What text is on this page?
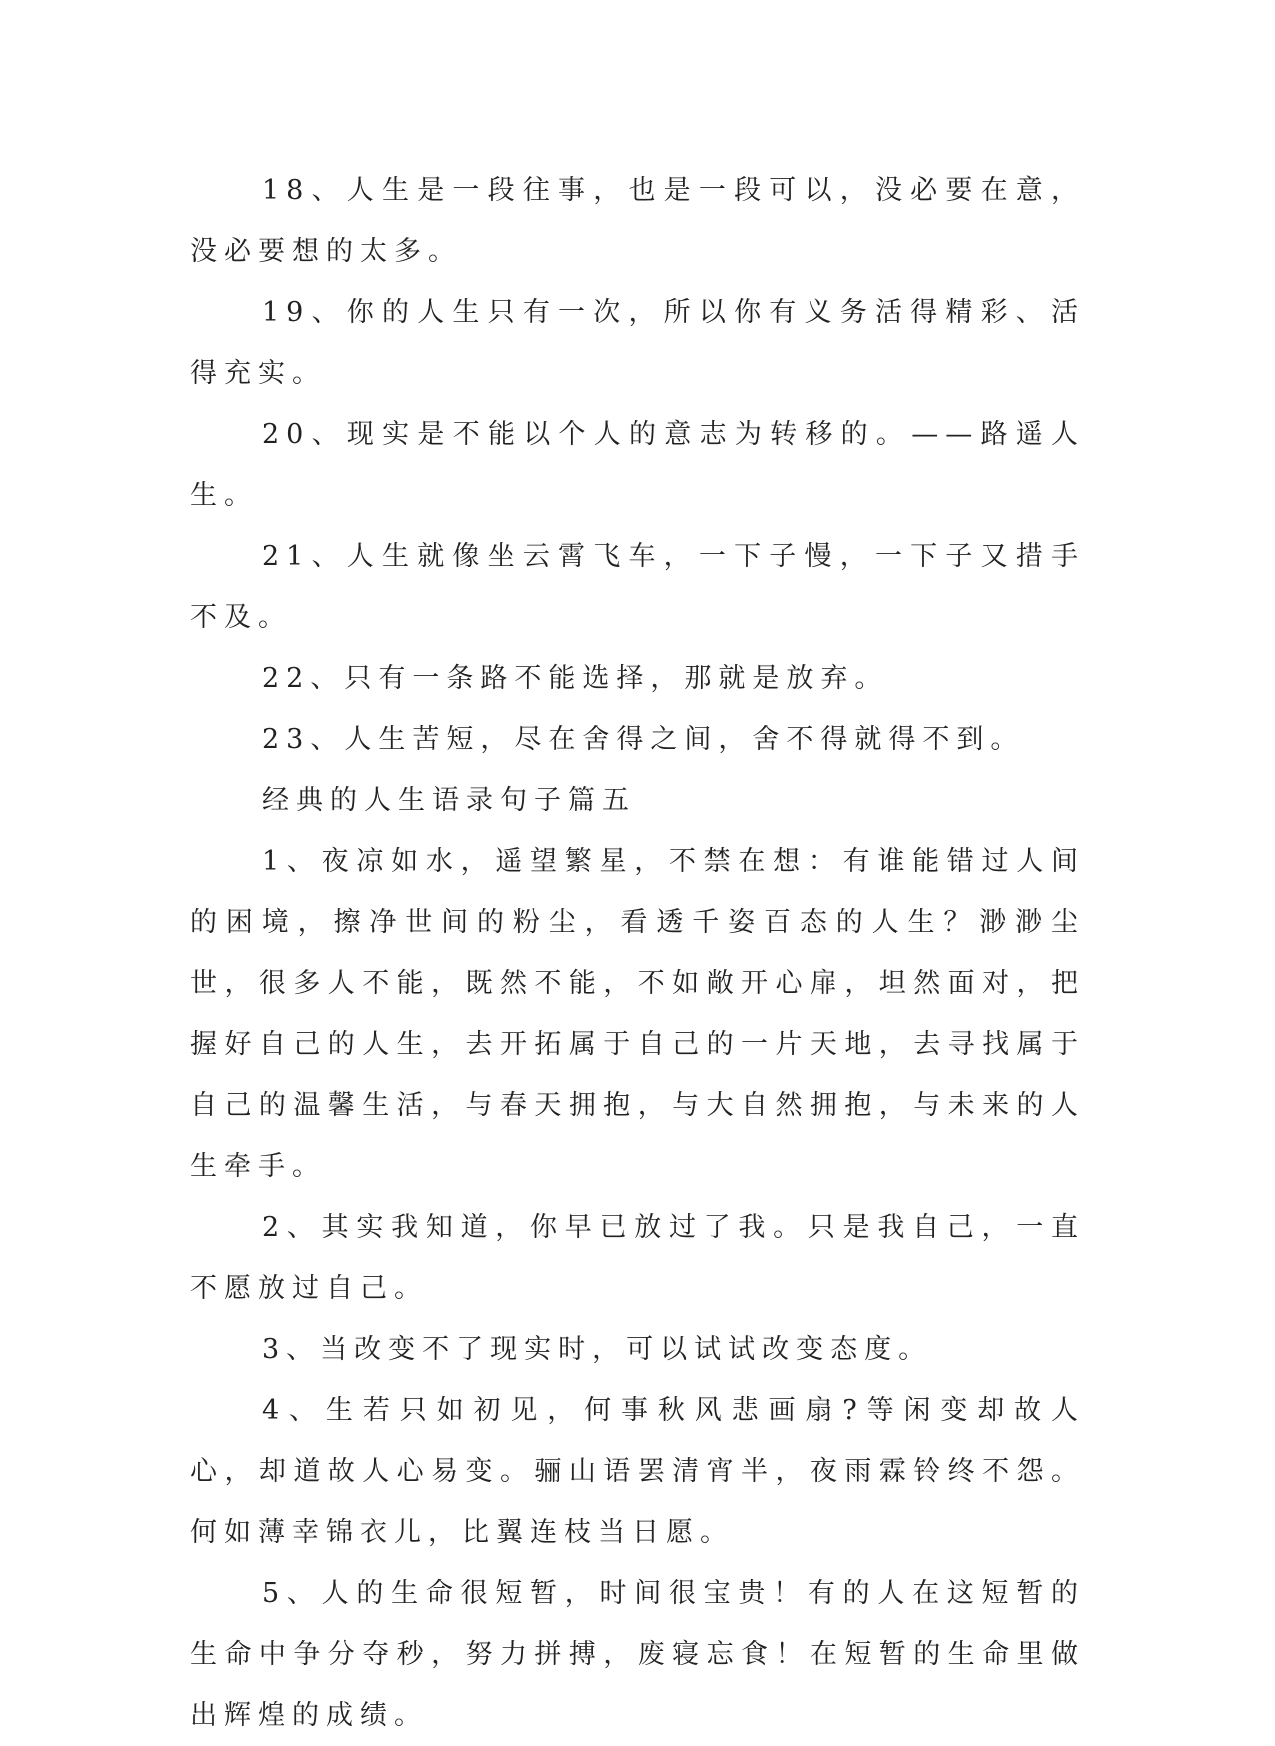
18、人生是一段往事，也是一段可以，没必要在意，没必要想的太多。

19、你的人生只有一次，所以你有义务活得精彩、活得充实。

20、现实是不能以个人的意志为转移的。——路遥人生。

21、人生就像坐云霄飞车，一下子慢，一下子又措手不及。

22、只有一条路不能选择，那就是放弃。

23、人生苦短，尽在舍得之间，舍不得就得不到。

经典的人生语录句子篇五

1、夜凉如水，遥望繁星，不禁在想：有谁能错过人间的困境，擦净世间的粉尘，看透千姿百态的人生？渺渺尘世，很多人不能，既然不能，不如敞开心扉，坦然面对，把握好自己的人生，去开拓属于自己的一片天地，去寻找属于自己的温馨生活，与春天拥抱，与大自然拥抱，与未来的人生牵手。

2、其实我知道，你早已放过了我。只是我自己，一直不愿放过自己。

3、当改变不了现实时，可以试试改变态度。

4、生若只如初见，何事秋风悲画扇?等闲变却故人心，却道故人心易变。骊山语罢清宵半，夜雨霖铃终不怨。何如薄幸锦衣儿，比翼连枝当日愿。

5、人的生命很短暂，时间很宝贵！有的人在这短暂的生命中争分夺秒，努力拼搏，废寝忘食！在短暂的生命里做出辉煌的成绩。
